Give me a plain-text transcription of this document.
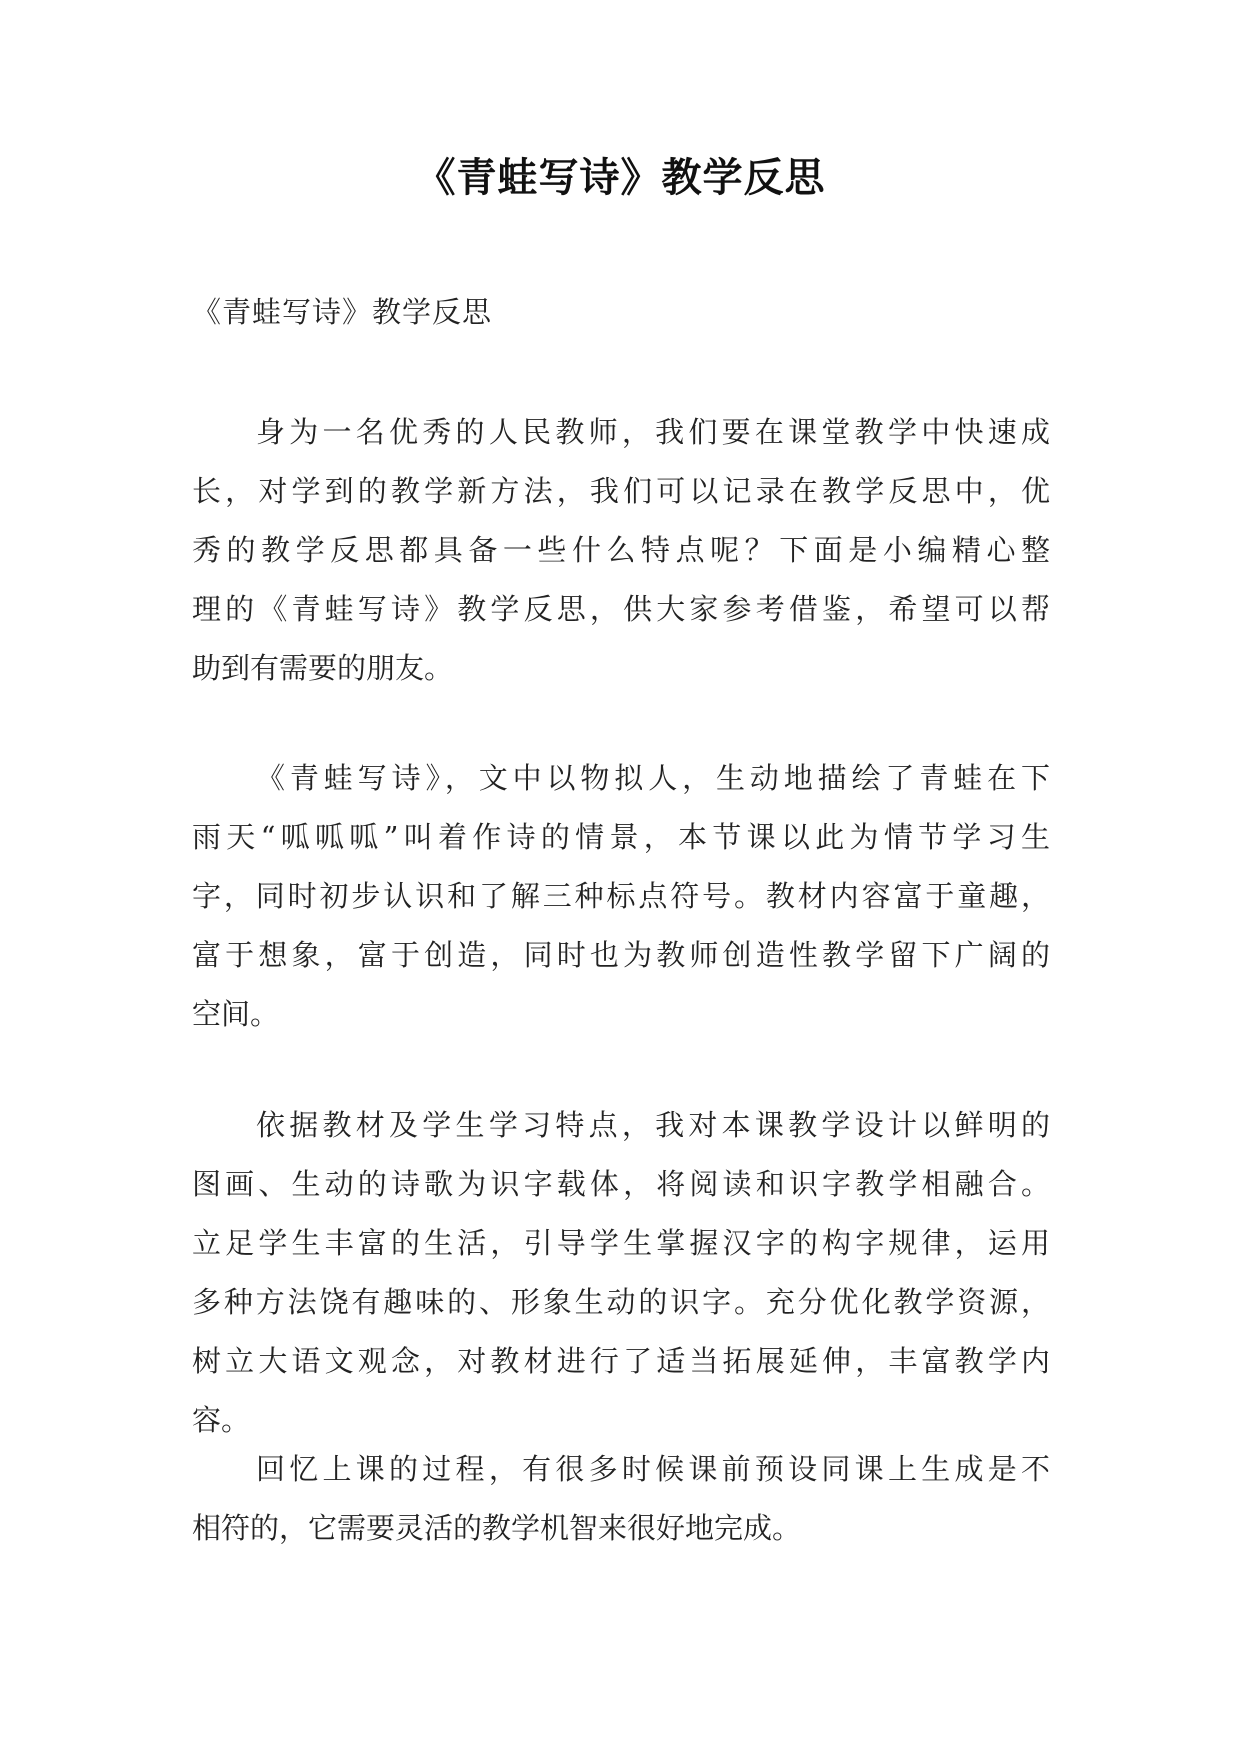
《青蛙写诗》教学反思
《青蛙写诗》教学反思
身为一名优秀的人民教师，我们要在课堂教学中快速成
长，对学到的教学新方法，我们可以记录在教学反思中，优
秀的教学反思都具备一些什么特点呢？下面是小编精心整
理的《青蛙写诗》教学反思，供大家参考借鉴，希望可以帮
助到有需要的朋友。
《青蛙写诗》，文中以物拟人，生动地描绘了青蛙在下
雨天“呱呱呱”叫着作诗的情景，本节课以此为情节学习生
字，同时初步认识和了解三种标点符号。教材内容富于童趣，
富于想象，富于创造，同时也为教师创造性教学留下广阔的
空间。
依据教材及学生学习特点，我对本课教学设计以鲜明的
图画、生动的诗歌为识字载体，将阅读和识字教学相融合。
立足学生丰富的生活，引导学生掌握汉字的构字规律，运用
多种方法饶有趣味的、形象生动的识字。充分优化教学资源，
树立大语文观念，对教材进行了适当拓展延伸，丰富教学内
容。
回忆上课的过程，有很多时候课前预设同课上生成是不
相符的，它需要灵活的教学机智来很好地完成。
